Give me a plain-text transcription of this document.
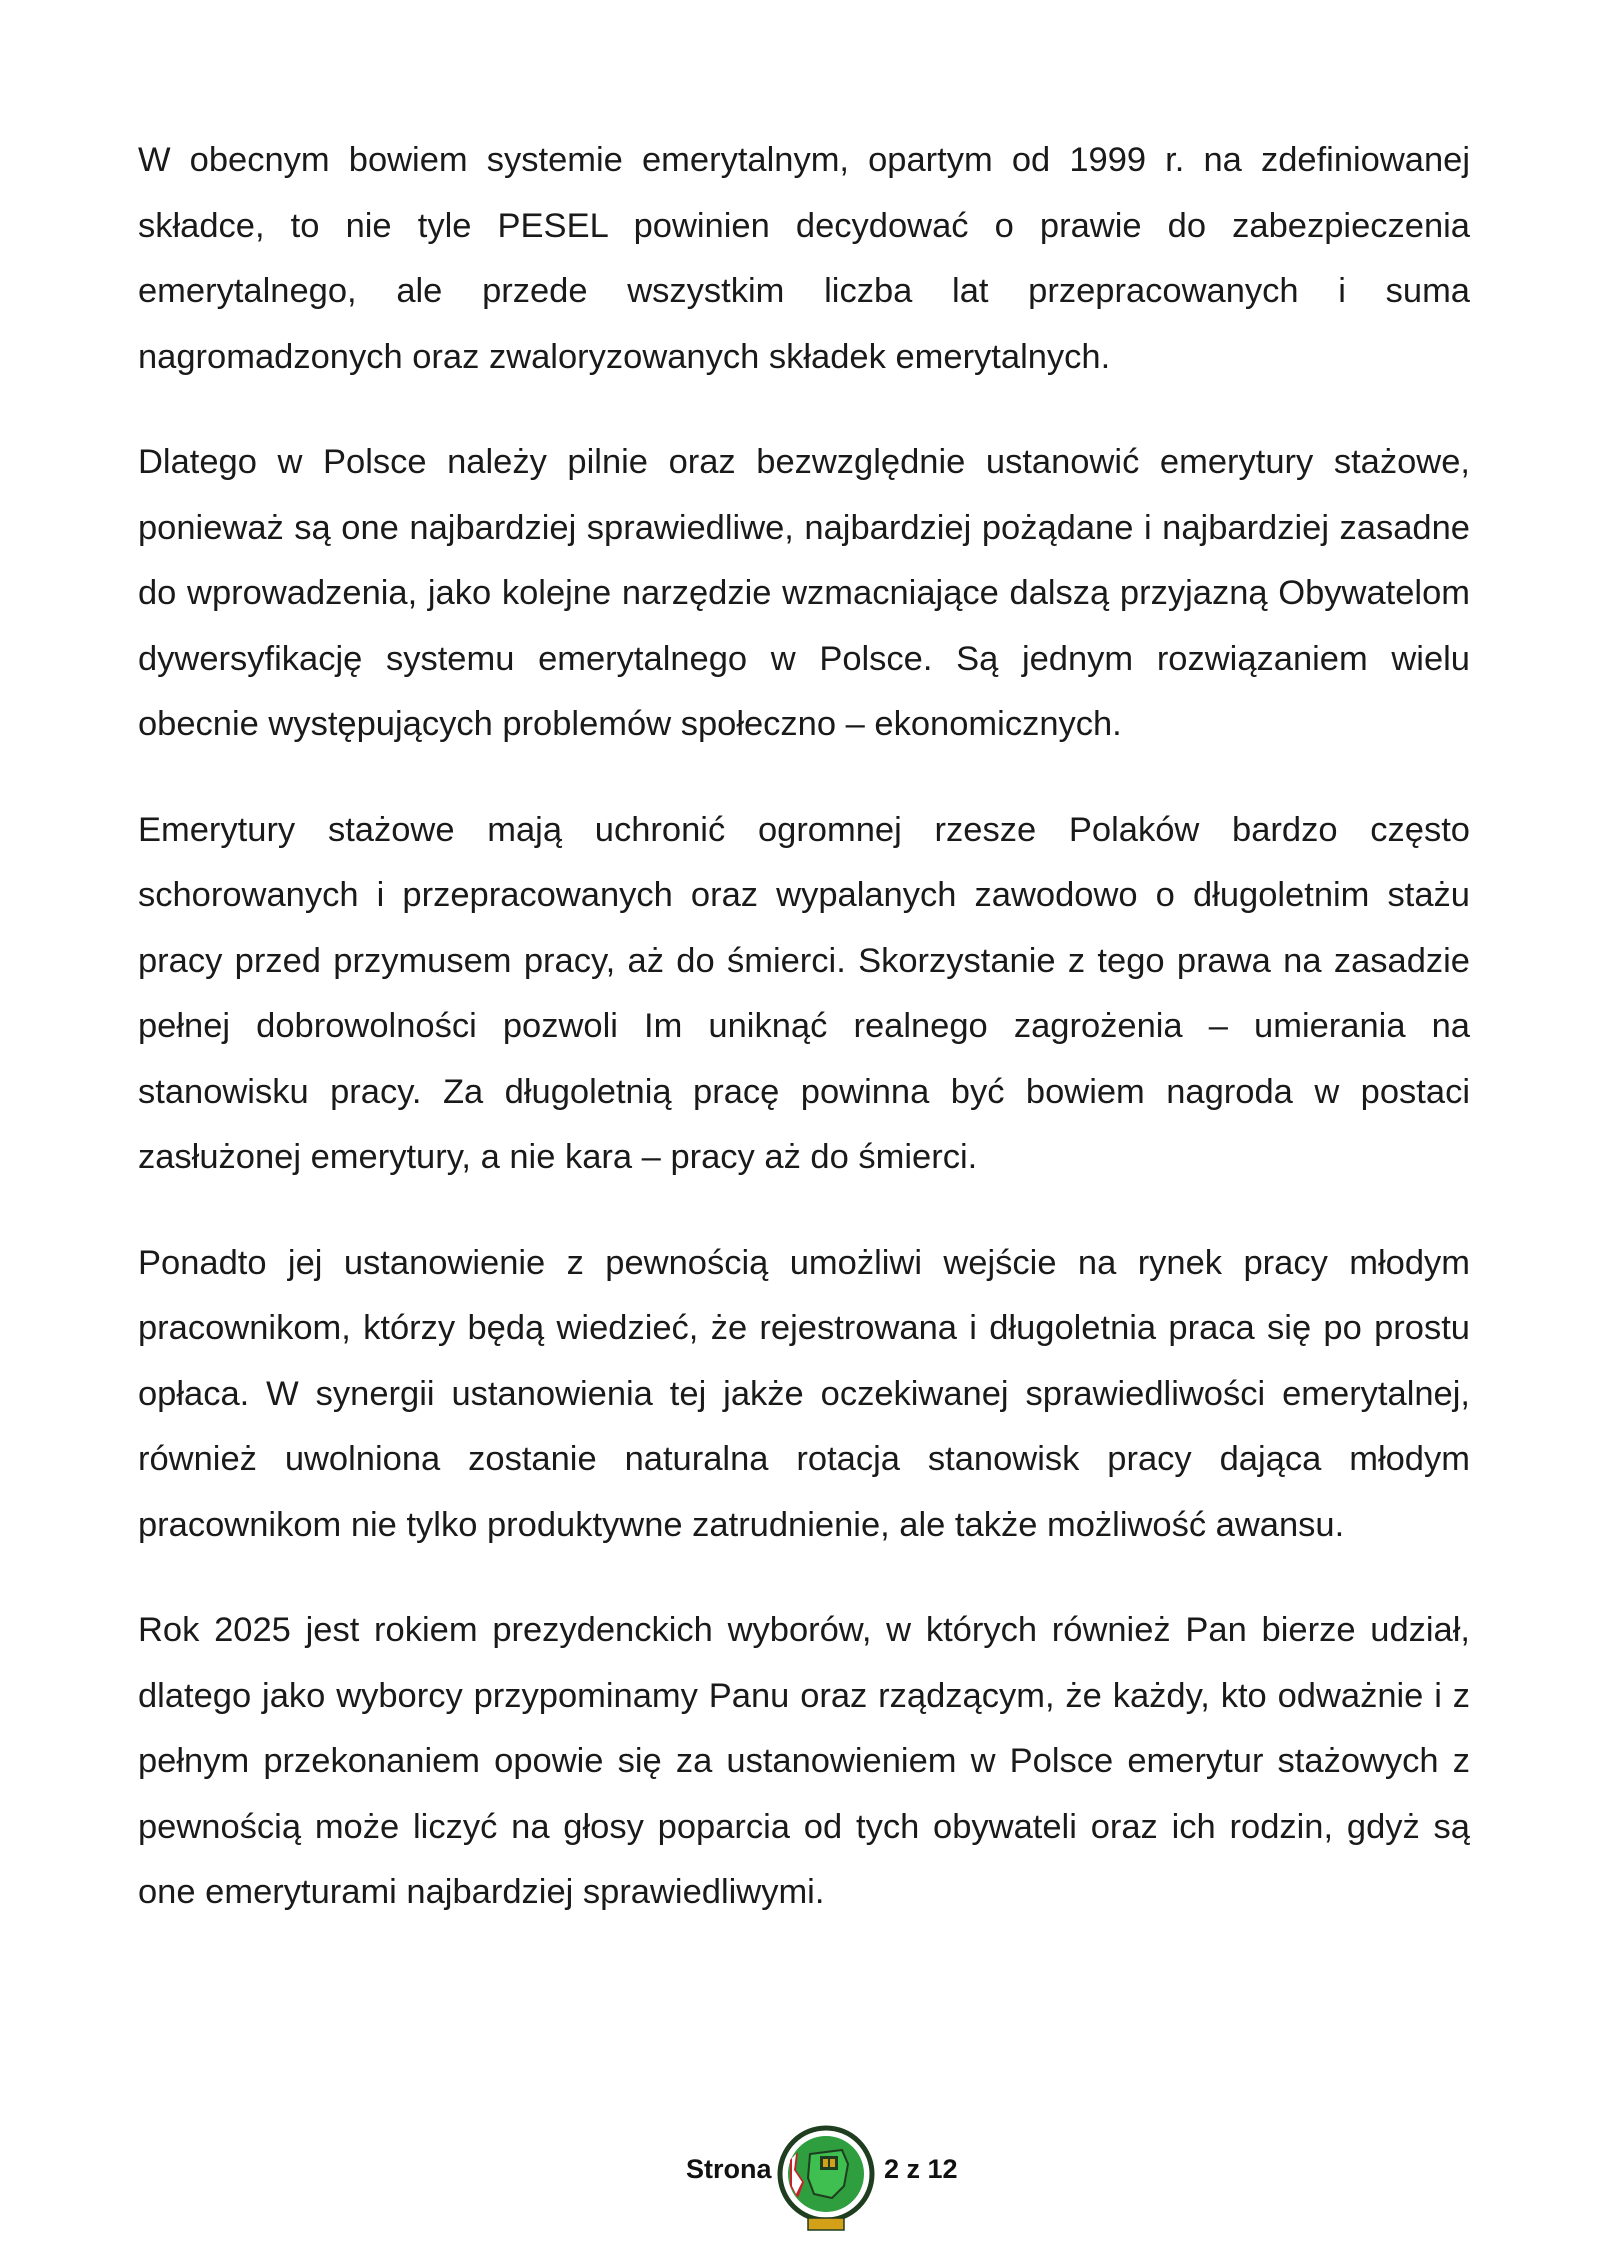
W obecnym bowiem systemie emerytalnym, opartym od 1999 r. na zdefiniowanej składce, to nie tyle PESEL powinien decydować o prawie do zabezpieczenia emerytalnego, ale przede wszystkim liczba lat przepracowanych i suma nagromadzonych oraz zwaloryzowanych składek emerytalnych.

Dlatego w Polsce należy pilnie oraz bezwzględnie ustanowić emerytury stażowe, ponieważ są one najbardziej sprawiedliwe, najbardziej pożądane i najbardziej zasadne do wprowadzenia, jako kolejne narzędzie wzmacniające dalszą przyjazną Obywatelom dywersyfikację systemu emerytalnego w Polsce. Są jednym rozwiązaniem wielu obecnie występujących problemów społeczno – ekonomicznych.

Emerytury stażowe mają uchronić ogromnej rzesze Polaków bardzo często schorowanych i przepracowanych oraz wypalanych zawodowo o długoletnim stażu pracy przed przymusem pracy, aż do śmierci. Skorzystanie z tego prawa na zasadzie pełnej dobrowolności pozwoli Im uniknąć realnego zagrożenia – umierania na stanowisku pracy. Za długoletnią pracę powinna być bowiem nagroda w postaci zasłużonej emerytury, a nie kara – pracy aż do śmierci.

Ponadto jej ustanowienie z pewnością umożliwi wejście na rynek pracy młodym pracownikom, którzy będą wiedzieć, że rejestrowana i długoletnia praca się po prostu opłaca. W synergii ustanowienia tej jakże oczekiwanej sprawiedliwości emerytalnej, również uwolniona zostanie naturalna rotacja stanowisk pracy dająca młodym pracownikom nie tylko produktywne zatrudnienie, ale także możliwość awansu.

Rok 2025 jest rokiem prezydenckich wyborów, w których również Pan bierze udział, dlatego jako wyborcy przypominamy Panu oraz rządzącym, że każdy, kto odważnie i z pełnym przekonaniem opowie się za ustanowieniem w Polsce emerytur stażowych z pewnością może liczyć na głosy poparcia od tych obywateli oraz ich rodzin, gdyż są one emeryturami najbardziej sprawiedliwymi.

Strona	2 z 12
